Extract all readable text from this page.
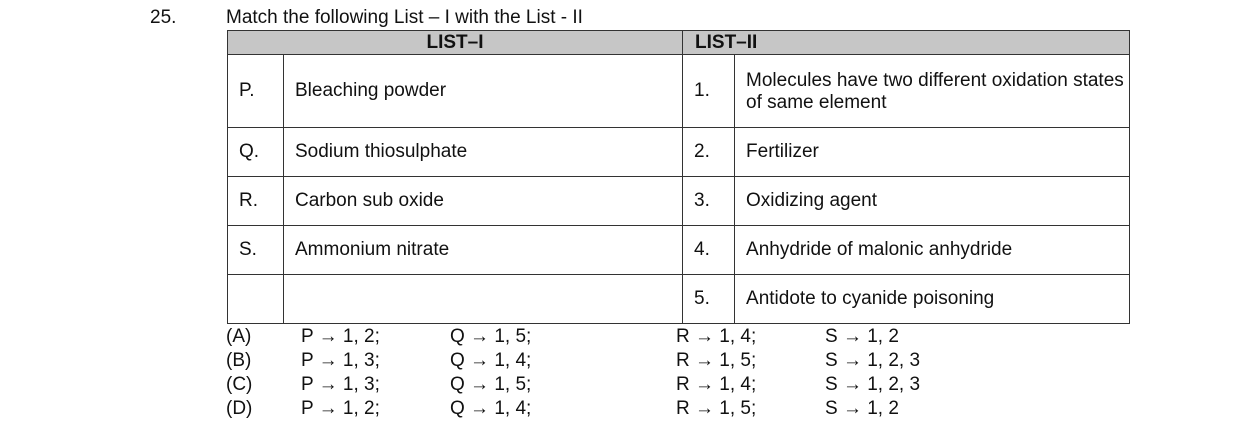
25.	Match the following List – I with the List - II
LIST–I		LIST–II	
P.	Bleaching powder	1.	Molecules have two different oxidation states of same element
Q.	Sodium thiosulphate	2.	Fertilizer
R.	Carbon sub oxide	3.	Oxidizing agent
S.	Ammonium nitrate	4.	Anhydride of malonic anhydride
		5.	Antidote to cyanide poisoning
(A)	P → 1, 2;	Q → 1, 5;	R → 1, 4;	S → 1, 2
(B)	P → 1, 3;	Q → 1, 4;	R → 1, 5;	S → 1, 2, 3
(C)	P → 1, 3;	Q → 1, 5;	R → 1, 4;	S → 1, 2, 3
(D)	P → 1, 2;	Q → 1, 4;	R → 1, 5;	S → 1, 2
